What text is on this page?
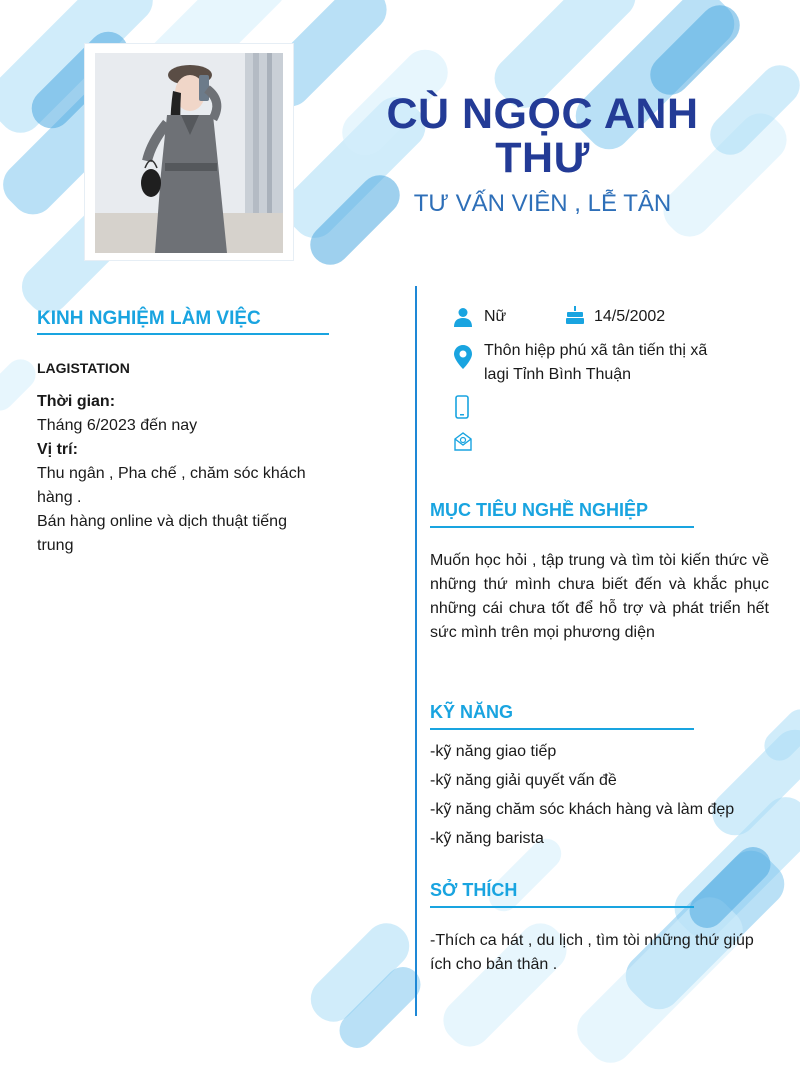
CÙ NGỌC ANH THƯ
TƯ VẤN VIÊN , LỄ TÂN
KINH NGHIỆM LÀM VIỆC
LAGISTATION
Thời gian:
Tháng 6/2023 đến nay
Vị trí:
Thu ngân , Pha chế , chăm sóc khách hàng .
Bán hàng online và dịch thuật tiếng trung
Nữ	14/5/2002
Thôn hiệp phú xã tân tiến thị xã lagi Tỉnh Bình Thuận
MỤC TIÊU NGHỀ NGHIỆP
Muốn học hỏi , tập trung và tìm tòi kiến thức về những thứ mình chưa biết đến và khắc phục những cái chưa tốt để hỗ trợ và phát triển hết sức mình trên mọi phương diện
KỸ NĂNG
-kỹ năng giao tiếp
-kỹ năng giải quyết vấn đề
-kỹ năng chăm sóc khách hàng và làm đẹp
-kỹ năng barista
SỞ THÍCH
-Thích ca hát , du lịch , tìm tòi những thứ giúp ích cho bản thân .
